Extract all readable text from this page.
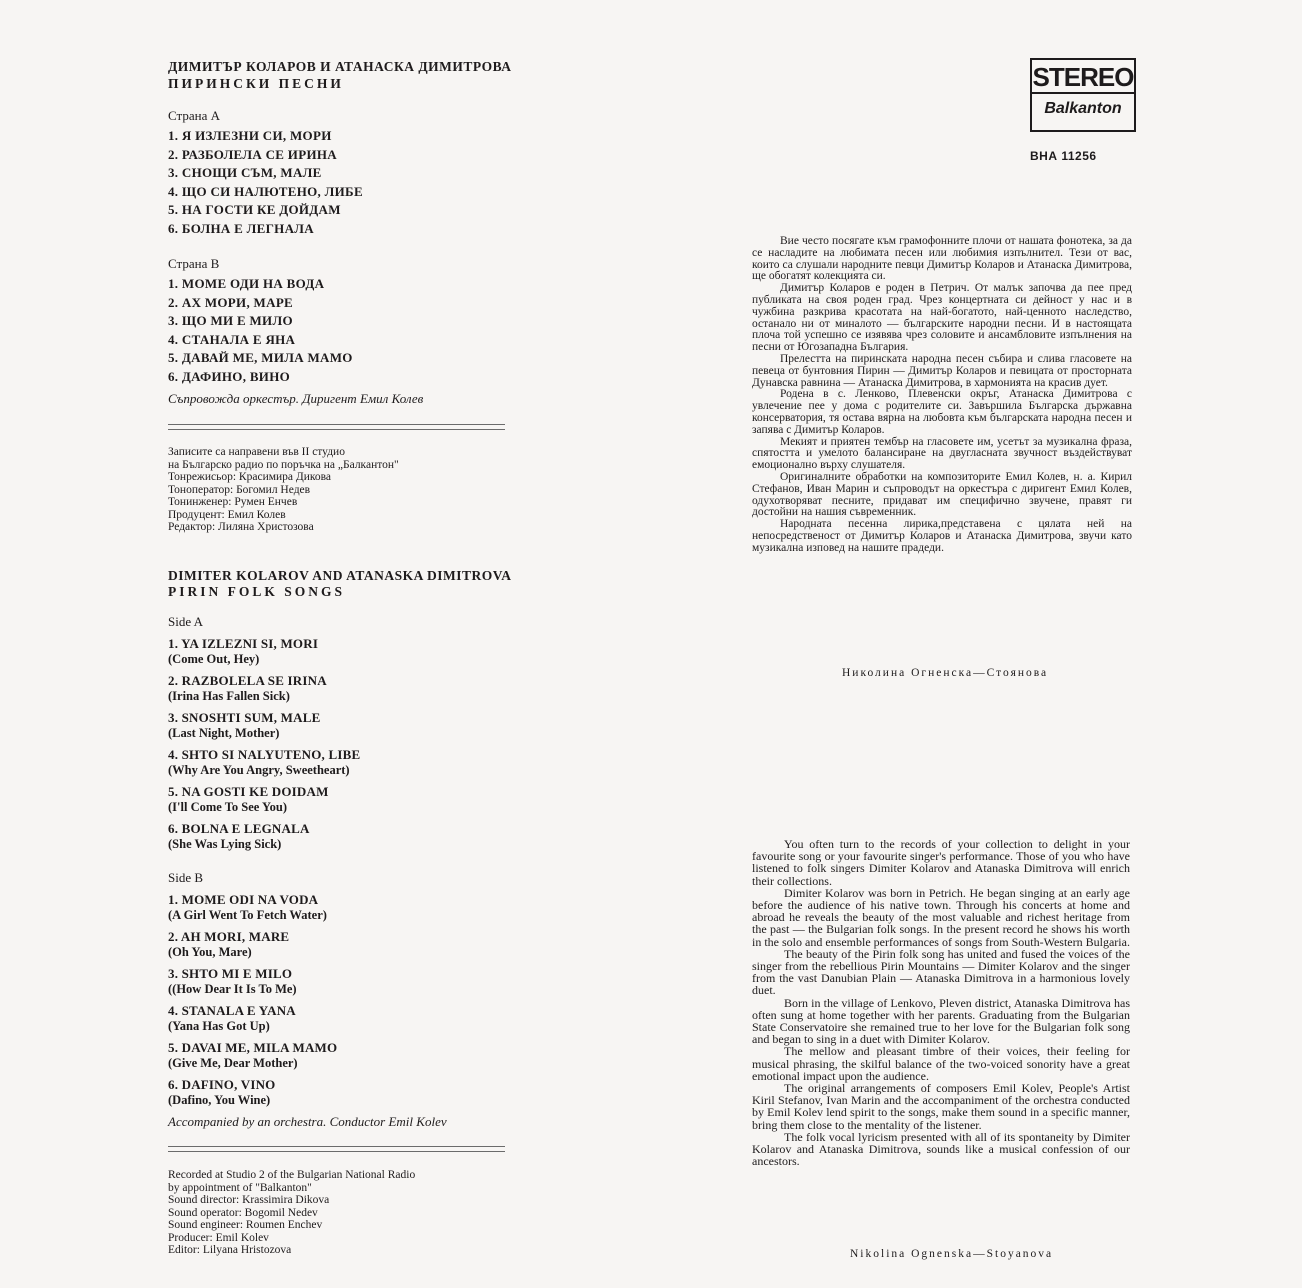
ДИМИТЪР КОЛАРОВ И АТАНАСКА ДИМИТРОВА
ПИРИНСКИ ПЕСНИ
Страна А
1. Я ИЗЛЕЗНИ СИ, МОРИ
2. РАЗБОЛЕЛА СЕ ИРИНА
3. СНОЩИ СЪМ, МАЛЕ
4. ЩО СИ НАЛЮТЕНО, ЛИБЕ
5. НА ГОСТИ КЕ ДОЙДАМ
6. БОЛНА Е ЛЕГНАЛА
Страна В
1. МОМЕ ОДИ НА ВОДА
2. АХ МОРИ, МАРЕ
3. ЩО МИ Е МИЛО
4. СТАНАЛА Е ЯНА
5. ДАВАЙ МЕ, МИЛА МАМО
6. ДАФИНО, ВИНО
Съпровожда оркестър. Диригент Емил Колев
Записите са направени във II студио
на Българско радио по поръчка на „Балкантон"
Тонрежисьор: Красимира Дикова
Тоноператор: Богомил Недев
Тонинженер: Румен Енчев
Продуцент: Емил Колев
Редактор: Лиляна Христозова
DIMITER KOLAROV AND ATANASKA DIMITROVA
PIRIN FOLK SONGS
Side A
1. YA IZLEZNI SI, MORI
(Come Out, Hey)
2. RAZBOLELA SE IRINA
(Irina Has Fallen Sick)
3. SNOSHTI SUM, MALE
(Last Night, Mother)
4. SHTO SI NALYUTENO, LIBE
(Why Are You Angry, Sweetheart)
5. NA GOSTI KE DOIDAM
(I'll Come To See You)
6. BOLNA E LEGNALA
(She Was Lying Sick)
Side B
1. MOME ODI NA VODA
(A Girl Went To Fetch Water)
2. AH MORI, MARE
(Oh You, Mare)
3. SHTO MI E MILO
((How Dear It Is To Me)
4. STANALA E YANA
(Yana Has Got Up)
5. DAVAI ME, MILA MAMO
(Give Me, Dear Mother)
6. DAFINO, VINO
(Dafino, You Wine)
Accompanied by an orchestra. Conductor Emil Kolev
Recorded at Studio 2 of the Bulgarian National Radio
by appointment of "Balkanton"
Sound director: Krassimira Dikova
Sound operator: Bogomil Nedev
Sound engineer: Roumen Enchev
Producer: Emil Kolev
Editor: Lilyana Hristozova
STEREO
Balkanton
ВНА 11256

Вие често посягате към грамофонните плочи от нашата фонотека, за да се насладите на любимата песен или любимия изпълнител. Тези от вас, които са слушали народните певци Димитър Коларов и Атанаска Димитрова, ще обогатят колекцията си.

Димитър Коларов е роден в Петрич. От малък започва да пее пред публиката на своя роден град. Чрез концертната си дейност у нас и в чужбина разкрива красотата на най-богатото, най-ценното наследство, останало ни от миналото — българските народни песни. И в настоящата плоча той успешно се изявява чрез соловите и ансамбловите изпълнения на песни от Югозападна България.

Прелестта на пиринската народна песен събира и слива гласовете на певеца от бунтовния Пирин — Димитър Коларов и певицата от просторната Дунавска равнина — Атанаска Димитрова, в хармонията на красив дует.

Родена в с. Ленково, Плевенски окръг, Атанаска Димитрова с увлечение пее у дома с родителите си. Завършила Българска държавна консерватория, тя остава вярна на любовта към българската народна песен и запява с Димитър Коларов.

Мекият и приятен тембър на гласовете им, усетът за музикална фраза, спятостта и умелото балансиране на двугласната звучност въздействуват емоционално върху слушателя.

Оригиналните обработки на композиторите Емил Колев, н. а. Кирил Стефанов, Иван Марин и съпроводът на оркестъра с диригент Емил Колев, одухотворяват песните, придават им специфично звучене, правят ги достойни на нашия съвременник.

Народната песенна лирика,представена с цялата ней на непосредственост от Димитър Коларов и Атанаска Димитрова, звучи като музикална изповед на нашите прадеди.

Николина Огненска—Стоянова

You often turn to the records of your collection to delight in your favourite song or your favourite singer's performance. Those of you who have listened to folk singers Dimiter Kolarov and Atanaska Dimitrova will enrich their collections.

Dimiter Kolarov was born in Petrich. He began singing at an early age before the audience of his native town. Through his concerts at home and abroad he reveals the beauty of the most valuable and richest heritage from the past — the Bulgarian folk songs. In the present record he shows his worth in the solo and ensemble performances of songs from South-Western Bulgaria.

The beauty of the Pirin folk song has united and fused the voices of the singer from the rebellious Pirin Mountains — Dimiter Kolarov and the singer from the vast Danubian Plain — Atanaska Dimitrova in a harmonious lovely duet.

Born in the village of Lenkovo, Pleven district, Atanaska Dimitrova has often sung at home together with her parents. Graduating from the Bulgarian State Conservatoire she remained true to her love for the Bulgarian folk song and began to sing in a duet with Dimiter Kolarov.

The mellow and pleasant timbre of their voices, their feeling for musical phrasing, the skilful balance of the two-voiced sonority have a great emotional impact upon the audience.

The original arrangements of composers Emil Kolev, People's Artist Kiril Stefanov, Ivan Marin and the accompaniment of the orchestra conducted by Emil Kolev lend spirit to the songs, make them sound in a specific manner, bring them close to the mentality of the listener.

The folk vocal lyricism presented with all of its spontaneity by Dimiter Kolarov and Atanaska Dimitrova, sounds like a musical confession of our ancestors.

Nikolina Ognenska—Stoyanova
